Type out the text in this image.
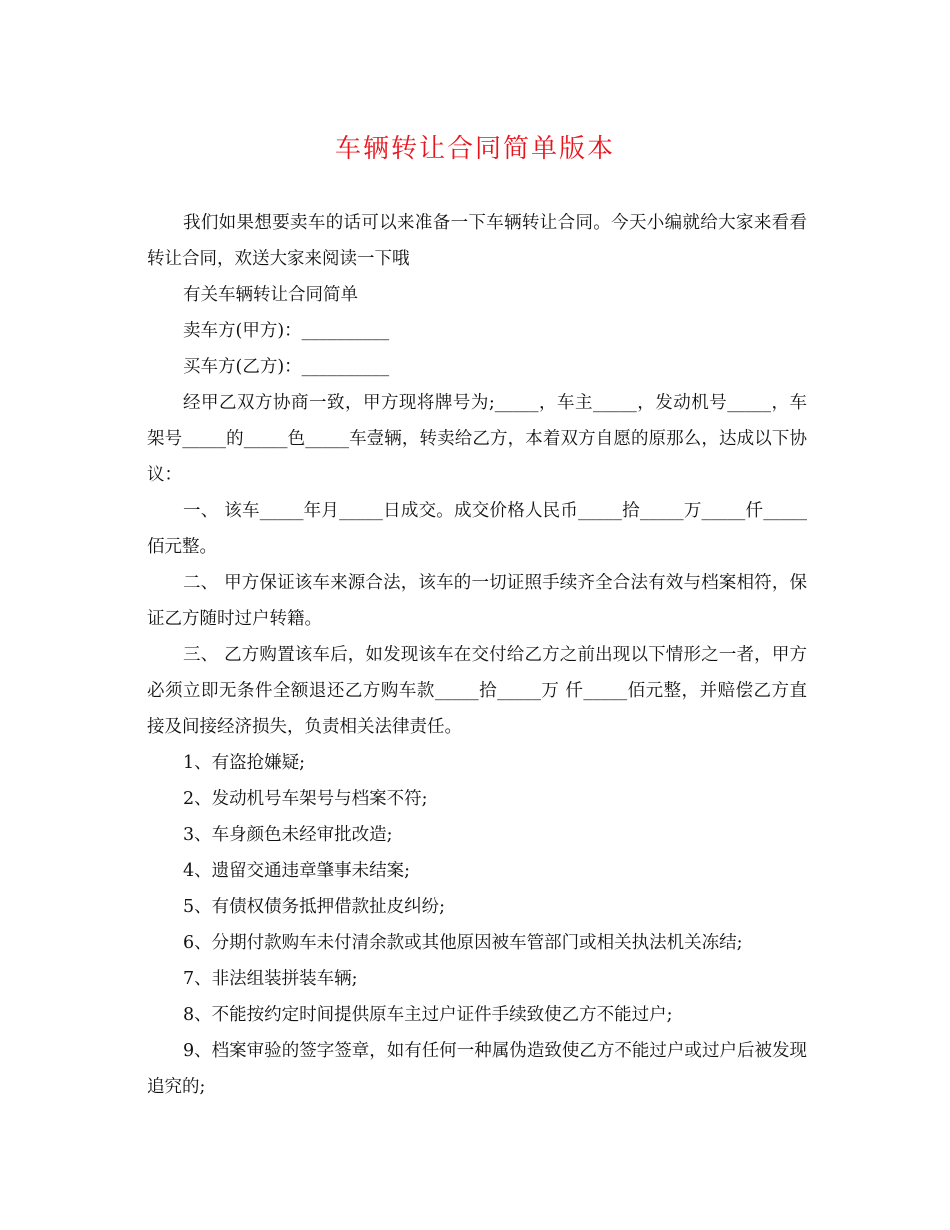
车辆转让合同简单版本

我们如果想要卖车的话可以来准备一下车辆转让合同。今天小编就给大家来看看转让合同，欢送大家来阅读一下哦

有关车辆转让合同简单

卖车方(甲方)：__________

买车方(乙方)：__________

经甲乙双方协商一致，甲方现将牌号为;_____，车主_____，发动机号_____，车架号_____的_____色_____车壹辆，转卖给乙方，本着双方自愿的原那么，达成以下协议：

一、 该车_____年月_____日成交。成交价格人民币_____拾_____万_____仟_____佰元整。

二、 甲方保证该车来源合法，该车的一切证照手续齐全合法有效与档案相符，保证乙方随时过户转籍。

三、 乙方购置该车后，如发现该车在交付给乙方之前出现以下情形之一者，甲方必须立即无条件全额退还乙方购车款_____拾_____万 仟_____佰元整，并赔偿乙方直接及间接经济损失，负责相关法律责任。

1、有盗抢嫌疑;

2、发动机号车架号与档案不符;

3、车身颜色未经审批改造;

4、遗留交通违章肇事未结案;

5、有债权债务抵押借款扯皮纠纷;

6、分期付款购车未付清余款或其他原因被车管部门或相关执法机关冻结;

7、非法组装拼装车辆;

8、不能按约定时间提供原车主过户证件手续致使乙方不能过户;

9、档案审验的签字签章，如有任何一种属伪造致使乙方不能过户或过户后被发现追究的;
